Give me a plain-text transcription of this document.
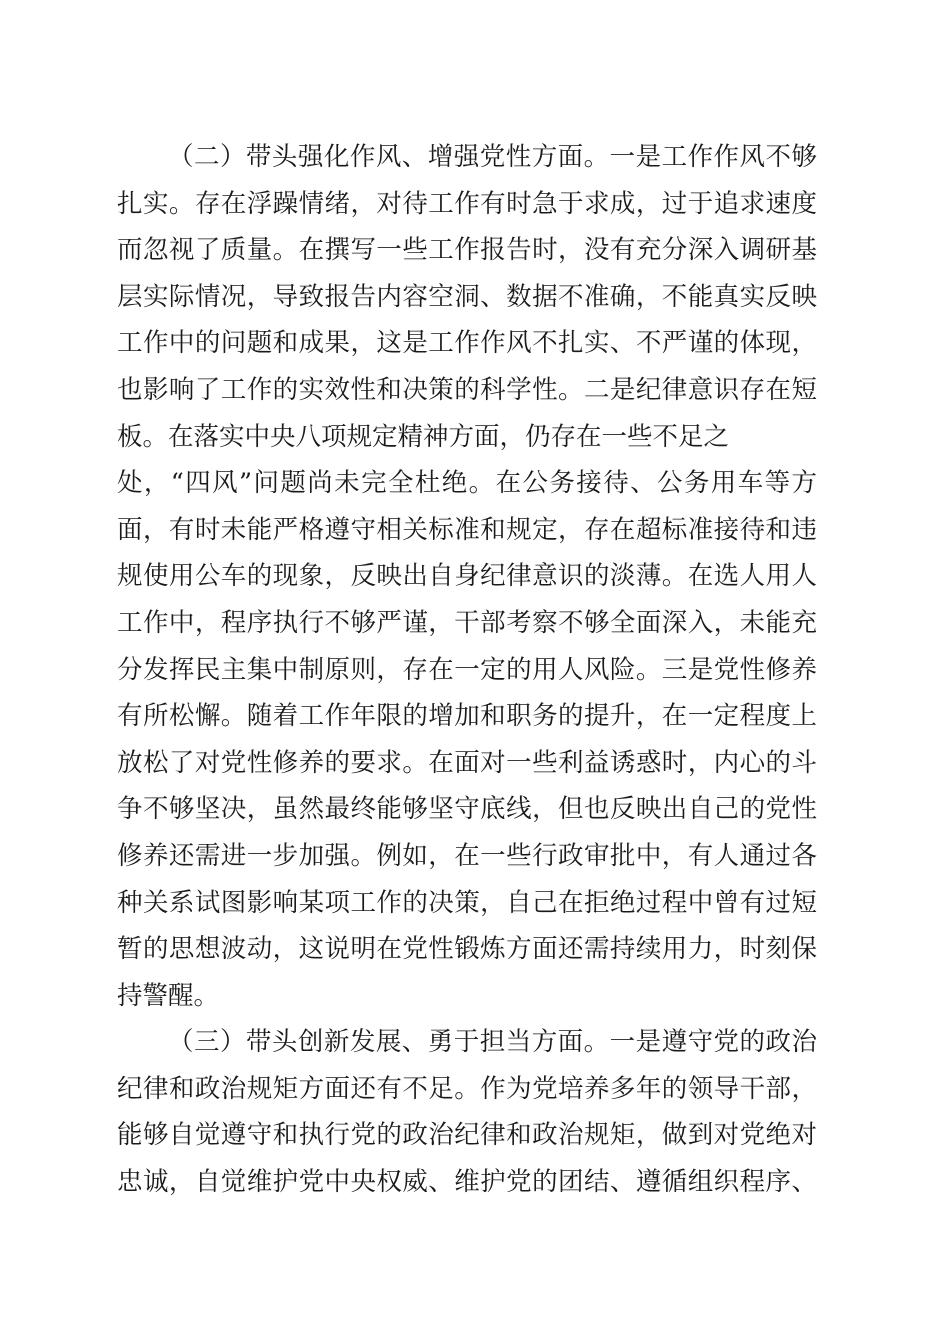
（二）带头强化作风、增强党性方面。一是工作作风不够
扎实。存在浮躁情绪，对待工作有时急于求成，过于追求速度
而忽视了质量。在撰写一些工作报告时，没有充分深入调研基
层实际情况，导致报告内容空洞、数据不准确，不能真实反映
工作中的问题和成果，这是工作作风不扎实、不严谨的体现，
也影响了工作的实效性和决策的科学性。二是纪律意识存在短
板。在落实中央八项规定精神方面，仍存在一些不足之
处，“四风”问题尚未完全杜绝。在公务接待、公务用车等方
面，有时未能严格遵守相关标准和规定，存在超标准接待和违
规使用公车的现象，反映出自身纪律意识的淡薄。在选人用人
工作中，程序执行不够严谨，干部考察不够全面深入，未能充
分发挥民主集中制原则，存在一定的用人风险。三是党性修养
有所松懈。随着工作年限的增加和职务的提升，在一定程度上
放松了对党性修养的要求。在面对一些利益诱惑时，内心的斗
争不够坚决，虽然最终能够坚守底线，但也反映出自己的党性
修养还需进一步加强。例如，在一些行政审批中，有人通过各
种关系试图影响某项工作的决策，自己在拒绝过程中曾有过短
暂的思想波动，这说明在党性锻炼方面还需持续用力，时刻保
持警醒。
（三）带头创新发展、勇于担当方面。一是遵守党的政治
纪律和政治规矩方面还有不足。作为党培养多年的领导干部，
能够自觉遵守和执行党的政治纪律和政治规矩，做到对党绝对
忠诚，自觉维护党中央权威、维护党的团结、遵循组织程序、
